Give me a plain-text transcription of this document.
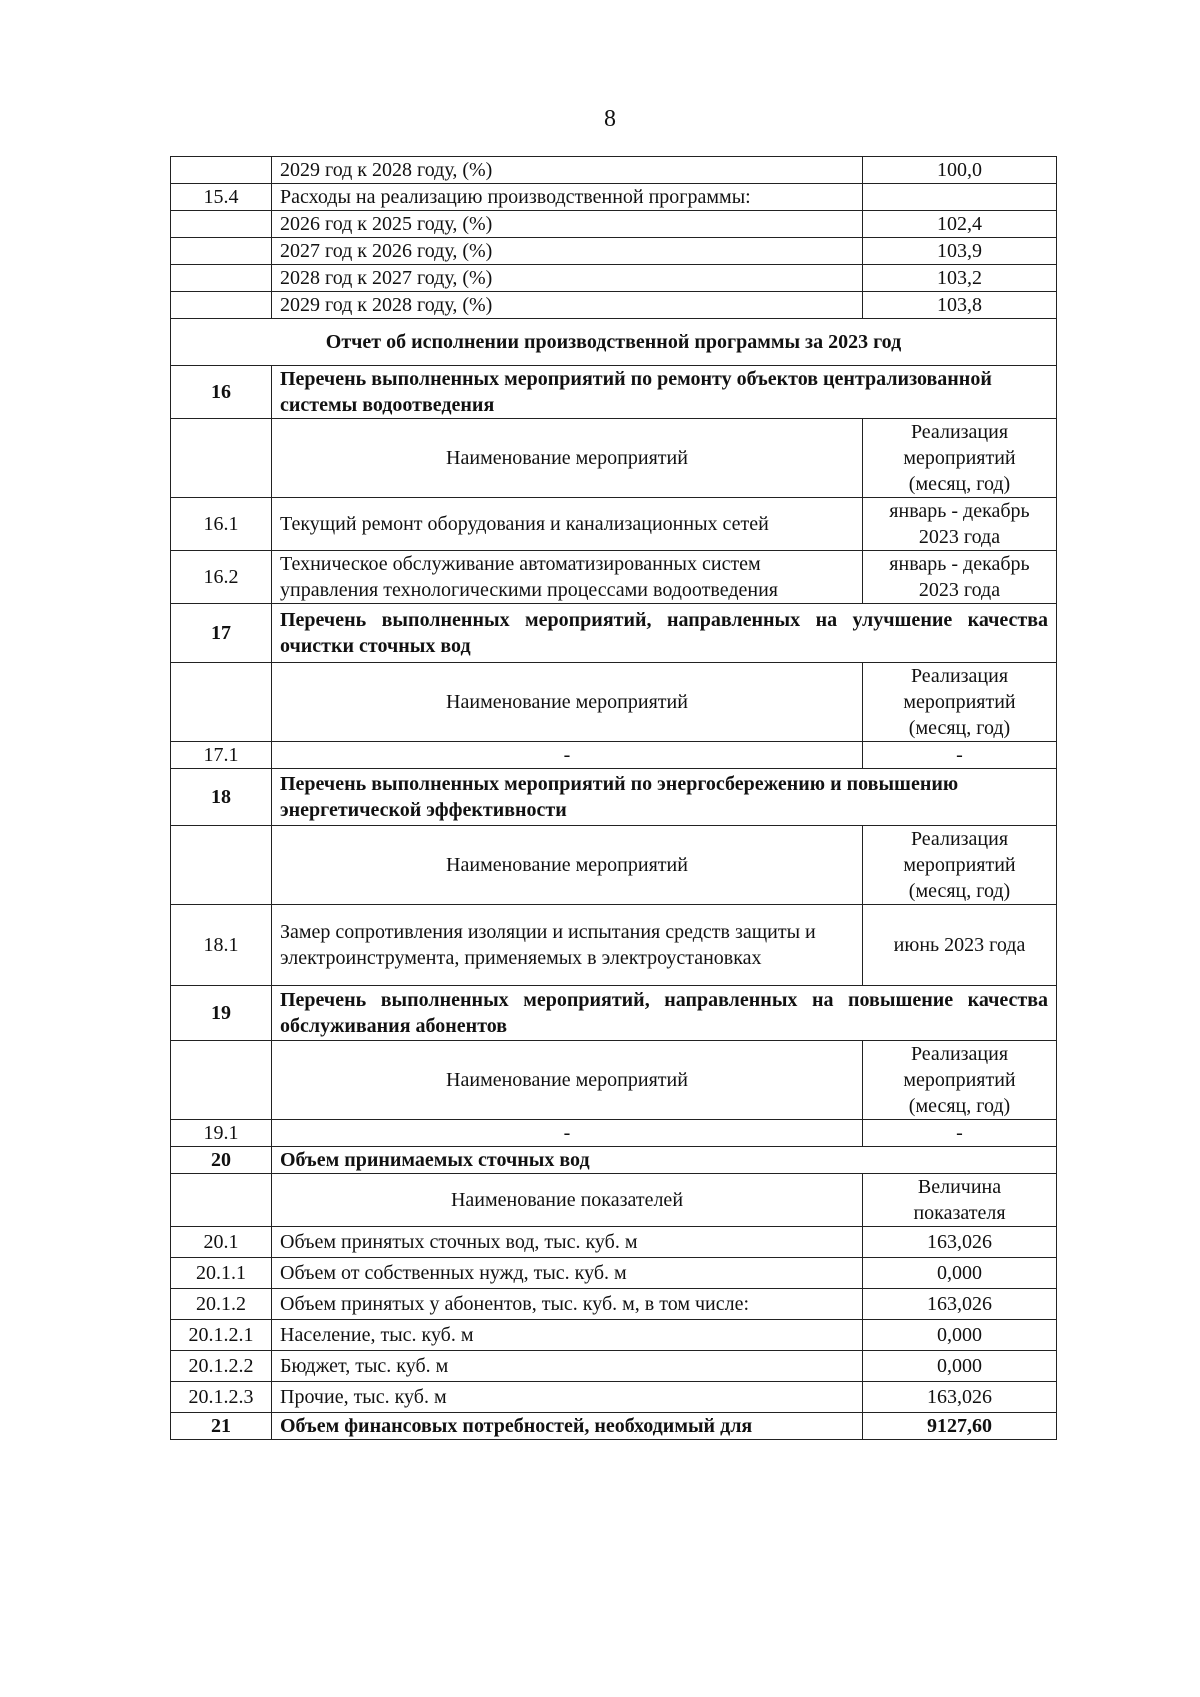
8
	2029 год к 2028 году, (%)	100,0
15.4	Расходы на реализацию производственной программы:	
	2026 год к 2025 году, (%)	102,4
	2027 год к 2026 году, (%)	103,9
	2028 год к 2027 году, (%)	103,2
	2029 год к 2028 году, (%)	103,8
Отчет об исполнении производственной программы за 2023 год		
16	Перечень выполненных мероприятий по ремонту объектов централизованной системы водоотведения	
	Наименование мероприятий	Реализация мероприятий (месяц, год)
16.1	Текущий ремонт оборудования и канализационных сетей	январь - декабрь 2023 года
16.2	Техническое обслуживание автоматизированных систем управления технологическими процессами водоотведения	январь - декабрь 2023 года
17	Перечень выполненных мероприятий, направленных на улучшение качества очистки сточных вод	
	Наименование мероприятий	Реализация мероприятий (месяц, год)
17.1	-	-
18	Перечень выполненных мероприятий по энергосбережению и повышению энергетической эффективности	
	Наименование мероприятий	Реализация мероприятий (месяц, год)
18.1	Замер сопротивления изоляции и испытания средств защиты и электроинструмента, применяемых в электроустановках	июнь 2023 года
19	Перечень выполненных мероприятий, направленных на повышение качества обслуживания абонентов	
	Наименование мероприятий	Реализация мероприятий (месяц, год)
19.1	-	-
20	Объем принимаемых сточных вод	
	Наименование показателей	Величина показателя
20.1	Объем принятых сточных вод, тыс. куб. м	163,026
20.1.1	Объем от собственных нужд, тыс. куб. м	0,000
20.1.2	Объем принятых у абонентов, тыс. куб. м, в том числе:	163,026
20.1.2.1	Население, тыс. куб. м	0,000
20.1.2.2	Бюджет, тыс. куб. м	0,000
20.1.2.3	Прочие, тыс. куб. м	163,026
21	Объем финансовых потребностей, необходимый для	9127,60
